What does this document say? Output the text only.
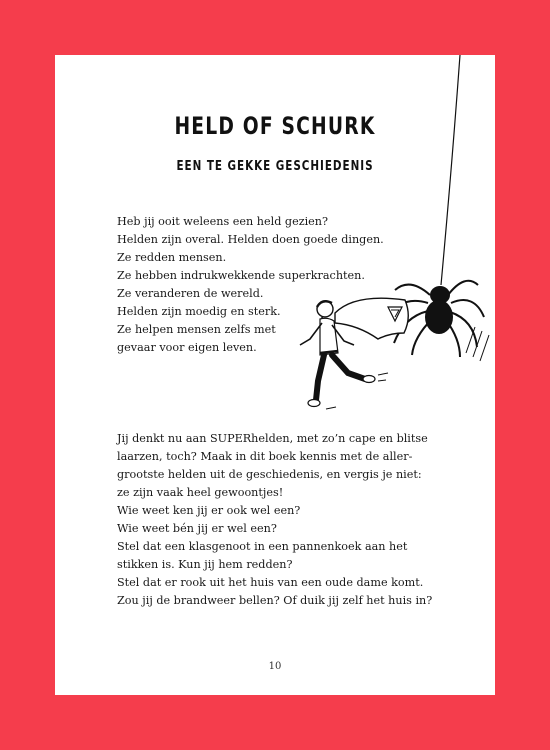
HELD OF SCHURK
EEN TE GEKKE GESCHIEDENIS
Heb jij ooit weleens een held gezien?
Helden zijn overal. Helden doen goede dingen.
Ze redden mensen.
Ze hebben indrukwekkende superkrachten.
Ze veranderen de wereld.
Helden zijn moedig en sterk.
Ze helpen mensen zelfs met
gevaar voor eigen leven.
Jij denkt nu aan SUPERhelden, met zo’n cape en blitse
laarzen, toch? Maak in dit boek kennis met de aller-
grootste helden uit de geschiedenis, en vergis je niet:
ze zijn vaak heel gewoontjes!
Wie weet ken jij er ook wel een?
Wie weet bén jij er wel een?
Stel dat een klasgenoot in een pannenkoek aan het
stikken is. Kun jij hem redden?
Stel dat er rook uit het huis van een oude dame komt.
Zou jij de brandweer bellen? Of duik jij zelf het huis in?
10
